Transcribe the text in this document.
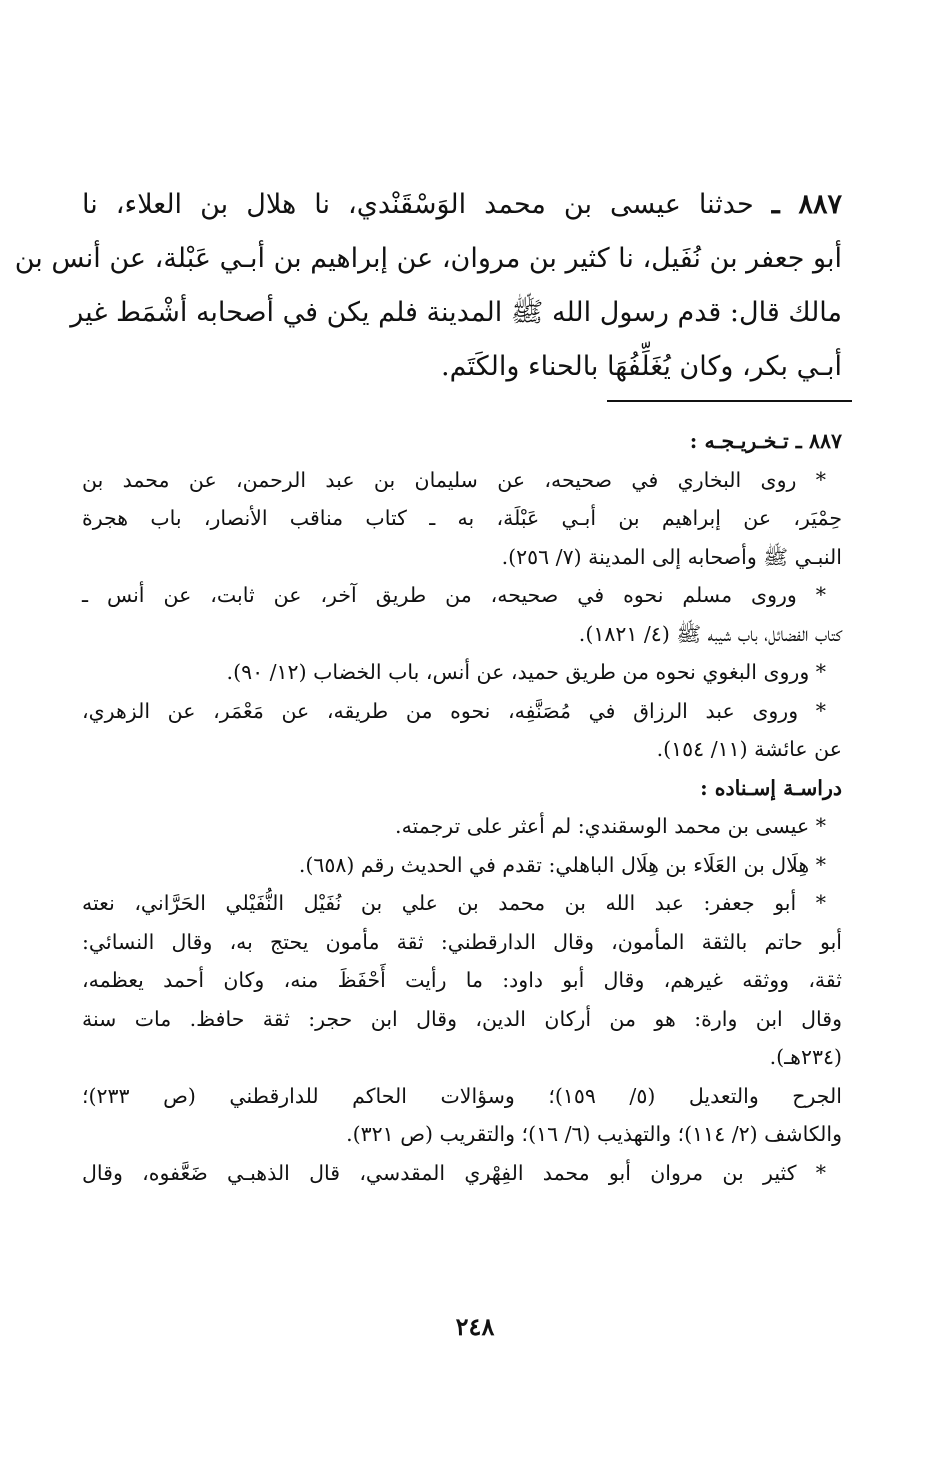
٨٨٧ ـ حدثنا عيسى بن محمد الوَسْقَنْدي، نا هلال بن العلاء، نا
أبو جعفر بن نُفَيل، نا كثير بن مروان، عن إبراهيم بن أبـي عَبْلة، عن أنس بن
مالك قال: قدم رسول الله ﷺ المدينة فلم يكن في أصحابه أشْمَط غير
أبـي بكر، وكان يُغَلِّفُهَا بالحناء والكَتَم.
٨٨٧ ـ تـخـريـجـه :
* روى البخاري في صحيحه، عن سليمان بن عبد الرحمن، عن محمد بن
حِمْيَر، عن إبراهيم بن أبـي عَبْلَة، به ـ كتاب مناقب الأنصار، باب هجرة
النبـي ﷺ وأصحابه إلى المدينة (٧/ ٢٥٦).
* وروى مسلم نحوه في صحيحه، من طريق آخر، عن ثابت، عن أنس ـ
كتاب الفضائل، باب شيبه ﷺ (٤/ ١٨٢١).
* وروى البغوي نحوه من طريق حميد، عن أنس، باب الخضاب (١٢/ ٩٠).
* وروى عبد الرزاق في مُصَنَّفِه، نحوه من طريقه، عن مَعْمَر، عن الزهري،
عن عائشة (١١/ ١٥٤).
دراسـة إسـناده :
* عيسى بن محمد الوسقندي: لم أعثر على ترجمته.
* هِلَال بن العَلَاء بن هِلَال الباهلي: تقدم في الحديث رقم (٦٥٨).
* أبو جعفر: عبد الله بن محمد بن علي بن نُفَيْل النُّفَيْلي الحَرَّاني، نعته
أبو حاتم بالثقة المأمون، وقال الدارقطني: ثقة مأمون يحتج به، وقال النسائي:
ثقة، ووثقه غيرهم، وقال أبو داود: ما رأيت أَحْفَظَ منه، وكان أحمد يعظمه،
وقال ابن وارة: هو من أركان الدين، وقال ابن حجر: ثقة حافظ. مات سنة
(٢٣٤هـ).
الجرح والتعديل (٥/ ١٥٩)؛ وسؤالات الحاكم للدارقطني (ص ٢٣٣)؛
والكاشف (٢/ ١١٤)؛ والتهذيب (٦/ ١٦)؛ والتقريب (ص ٣٢١).
* كثير بن مروان أبو محمد الفِهْري المقدسي، قال الذهبـي ضَعَّفوه، وقال
٢٤٨
